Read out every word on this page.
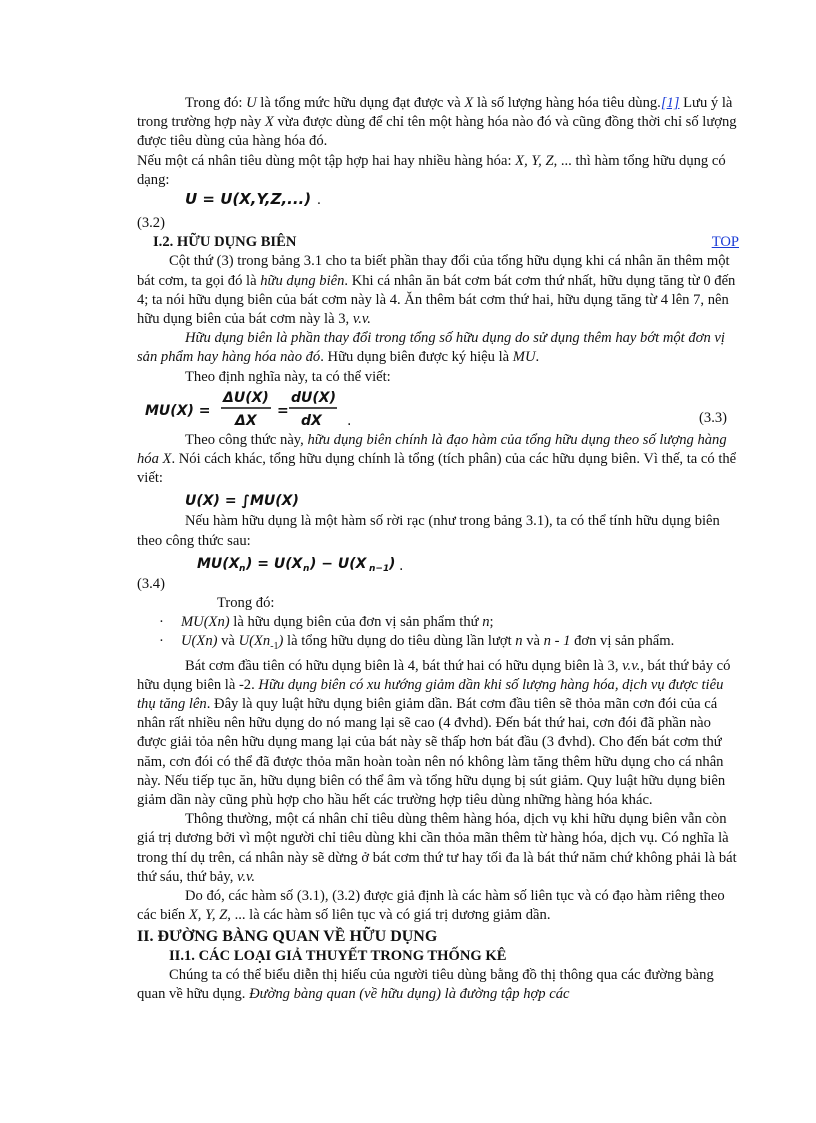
Trong đó: U là tổng mức hữu dụng đạt được và X là số lượng hàng hóa tiêu dùng.[1] Lưu ý là trong trường hợp này X vừa được dùng để chỉ tên một hàng hóa nào đó và cũng đồng thời chỉ số lượng được tiêu dùng của hàng hóa đó.

Nếu một cá nhân tiêu dùng một tập hợp hai hay nhiều hàng hóa: X, Y, Z, ... thì hàm tổng hữu dụng có dạng:

U = U(X,Y,Z,...) .

(3.2)

I.2. HỮU DỤNG BIÊN	TOP

Cột thứ (3) trong bảng 3.1 cho ta biết phần thay đổi của tổng hữu dụng khi cá nhân ăn thêm một bát cơm, ta gọi đó là hữu dụng biên. Khi cá nhân ăn bát cơm bát cơm thứ nhất, hữu dụng tăng từ 0 đến 4; ta nói hữu dụng biên của bát cơm này là 4. Ăn thêm bát cơm thứ hai, hữu dụng tăng từ 4 lên 7, nên hữu dụng biên của bát cơm này là 3, v.v.

Hữu dụng biên là phần thay đổi trong tổng số hữu dụng do sử dụng thêm hay bớt một đơn vị sản phẩm hay hàng hóa nào đó. Hữu dụng biên được ký hiệu là MU.

Theo định nghĩa này, ta có thể viết:

MU(X) =
ΔU(X)
ΔX
=
dU(X)
dX .	(3.3)

Theo công thức này, hữu dụng biên chính là đạo hàm của tổng hữu dụng theo số lượng hàng hóa X. Nói cách khác, tổng hữu dụng chính là tổng (tích phân) của các hữu dụng biên. Vì thế, ta có thể viết:

U(X) = ∫MU(X)

Nếu hàm hữu dụng là một hàm số rời rạc (như trong bảng 3.1), ta có thể tính hữu dụng biên theo công thức sau:

MU(X n ) = U(X n ) − U(X n−1 ) .

(3.4)

Trong đó:

· MU(Xn) là hữu dụng biên của đơn vị sản phẩm thứ n;
· U(Xn) và $U(Xn_{-1})$ là tổng hữu dụng do tiêu dùng lần lượt n và n - 1 đơn vị sản phẩm.

Bát cơm đầu tiên có hữu dụng biên là 4, bát thứ hai có hữu dụng biên là 3, v.v., bát thứ bảy có hữu dụng biên là -2. Hữu dụng biên có xu hướng giảm dần khi số lượng hàng hóa, dịch vụ được tiêu thụ tăng lên. Đây là quy luật hữu dụng biên giảm dần. Bát cơm đầu tiên sẽ thỏa mãn cơn đói của cá nhân rất nhiều nên hữu dụng do nó mang lại sẽ cao (4 đvhd). Đến bát thứ hai, cơn đói đã phần nào được giải tỏa nên hữu dụng mang lại của bát này sẽ thấp hơn bát đầu (3 đvhd). Cho đến bát cơm thứ năm, cơn đói có thể đã được thỏa mãn hoàn toàn nên nó không làm tăng thêm hữu dụng cho cá nhân này. Nếu tiếp tục ăn, hữu dụng biên có thể âm và tổng hữu dụng bị sút giảm. Quy luật hữu dụng biên giảm dần này cũng phù hợp cho hầu hết các trường hợp tiêu dùng những hàng hóa khác.

Thông thường, một cá nhân chỉ tiêu dùng thêm hàng hóa, dịch vụ khi hữu dụng biên vẫn còn giá trị dương bởi vì một người chỉ tiêu dùng khi cần thỏa mãn thêm từ hàng hóa, dịch vụ. Có nghĩa là trong thí dụ trên, cá nhân này sẽ dừng ở bát cơm thứ tư hay tối đa là bát thứ năm chứ không phải là bát thứ sáu, thứ bảy, v.v.

Do đó, các hàm số (3.1), (3.2) được giả định là các hàm số liên tục và có đạo hàm riêng theo các biến X, Y, Z, ... là các hàm số liên tục và có giá trị dương giảm dần.

II. ĐƯỜNG BÀNG QUAN VỀ HỮU DỤNG

II.1. CÁC LOẠI GIẢ THUYẾT TRONG THỐNG KÊ

Chúng ta có thể biểu diễn thị hiếu của người tiêu dùng bằng đồ thị thông qua các đường bàng quan về hữu dụng. Đường bàng quan (về hữu dụng) là đường tập hợp các
